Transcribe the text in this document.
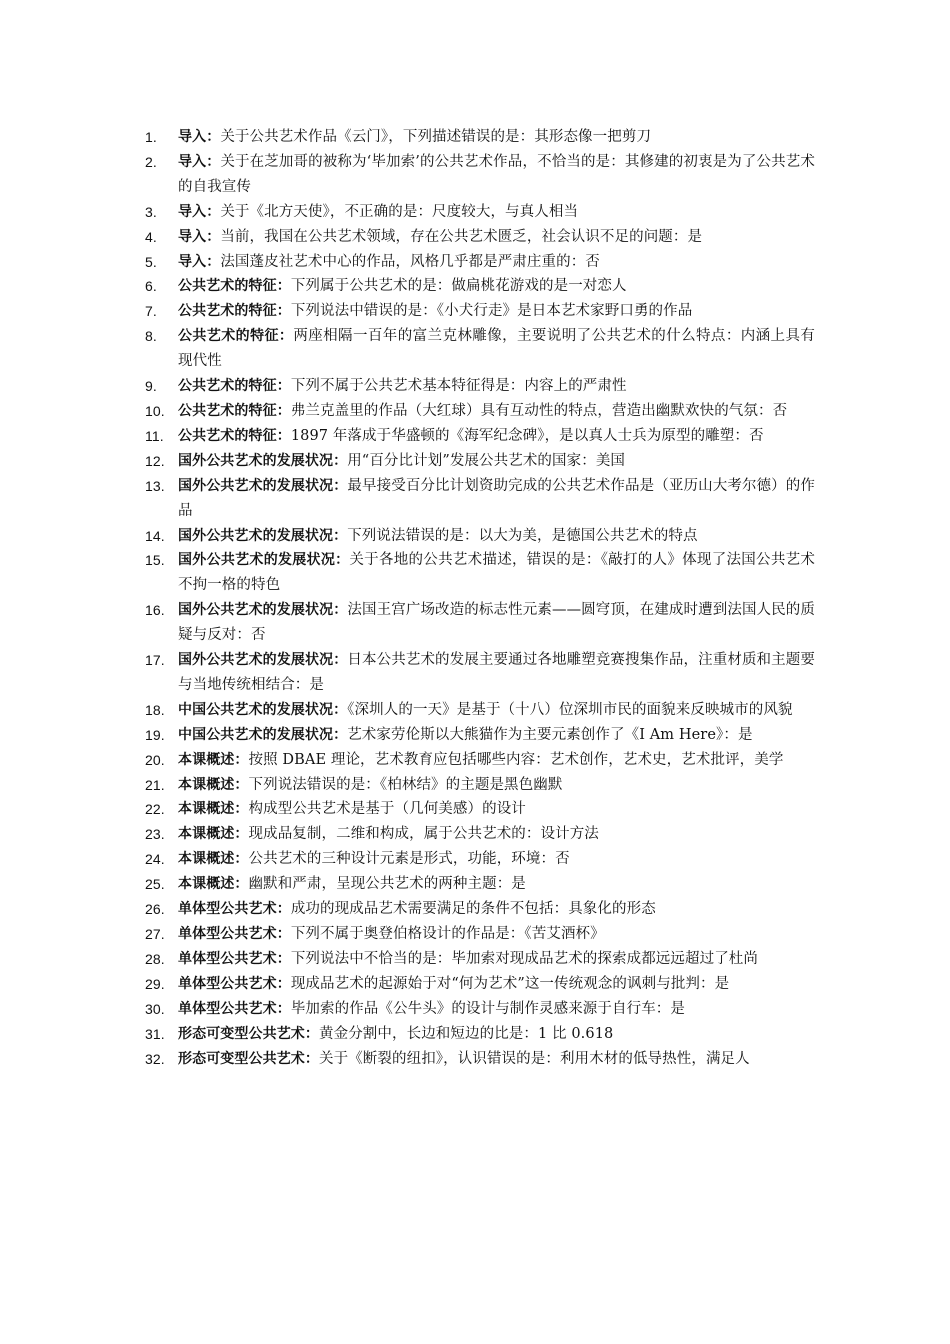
1. 导入：关于公共艺术作品《云门》，下列描述错误的是：其形态像一把剪刀
2. 导入：关于在芝加哥的被称为‘毕加索’的公共艺术作品，不恰当的是：其修建的初衷是为了公共艺术的自我宣传
3. 导入：关于《北方天使》，不正确的是：尺度较大，与真人相当
4. 导入：当前，我国在公共艺术领域，存在公共艺术匮乏，社会认识不足的问题：是
5. 导入：法国蓬皮社艺术中心的作品，风格几乎都是严肃庄重的：否
6. 公共艺术的特征：下列属于公共艺术的是：做扁桃花游戏的是一对恋人
7. 公共艺术的特征：下列说法中错误的是：《小犬行走》是日本艺术家野口勇的作品
8. 公共艺术的特征：两座相隔一百年的富兰克林雕像，主要说明了公共艺术的什么特点：内涵上具有现代性
9. 公共艺术的特征：下列不属于公共艺术基本特征得是：内容上的严肃性
10. 公共艺术的特征：弗兰克盖里的作品（大红球）具有互动性的特点，营造出幽默欢快的气氛：否
11. 公共艺术的特征：1897 年落成于华盛顿的《海军纪念碑》，是以真人士兵为原型的雕塑：否
12. 国外公共艺术的发展状况：用“百分比计划”发展公共艺术的国家：美国
13. 国外公共艺术的发展状况：最早接受百分比计划资助完成的公共艺术作品是（亚历山大考尔德）的作品
14. 国外公共艺术的发展状况：下列说法错误的是：以大为美，是德国公共艺术的特点
15. 国外公共艺术的发展状况：关于各地的公共艺术描述，错误的是：《敲打的人》体现了法国公共艺术不拘一格的特色
16. 国外公共艺术的发展状况：法国王宫广场改造的标志性元素——圆穹顶，在建成时遭到法国人民的质疑与反对：否
17. 国外公共艺术的发展状况：日本公共艺术的发展主要通过各地雕塑竞赛搜集作品，注重材质和主题要与当地传统相结合：是
18. 中国公共艺术的发展状况：《深圳人的一天》是基于（十八）位深圳市民的面貌来反映城市的风貌
19. 中国公共艺术的发展状况：艺术家劳伦斯以大熊猫作为主要元素创作了《I Am Here》：是
20. 本课概述：按照 DBAE 理论，艺术教育应包括哪些内容：艺术创作，艺术史，艺术批评，美学
21. 本课概述：下列说法错误的是：《柏林结》的主题是黑色幽默
22. 本课概述：构成型公共艺术是基于（几何美感）的设计
23. 本课概述：现成品复制，二维和构成，属于公共艺术的：设计方法
24. 本课概述：公共艺术的三种设计元素是形式，功能，环境：否
25. 本课概述：幽默和严肃，呈现公共艺术的两种主题：是
26. 单体型公共艺术：成功的现成品艺术需要满足的条件不包括：具象化的形态
27. 单体型公共艺术：下列不属于奥登伯格设计的作品是：《苦艾酒杯》
28. 单体型公共艺术：下列说法中不恰当的是：毕加索对现成品艺术的探索成都远远超过了杜尚
29. 单体型公共艺术：现成品艺术的起源始于对“何为艺术”这一传统观念的讽刺与批判：是
30. 单体型公共艺术：毕加索的作品《公牛头》的设计与制作灵感来源于自行车：是
31. 形态可变型公共艺术：黄金分割中，长边和短边的比是：1 比 0.618
32. 形态可变型公共艺术：关于《断裂的纽扣》，认识错误的是：利用木材的低导热性，满足人
